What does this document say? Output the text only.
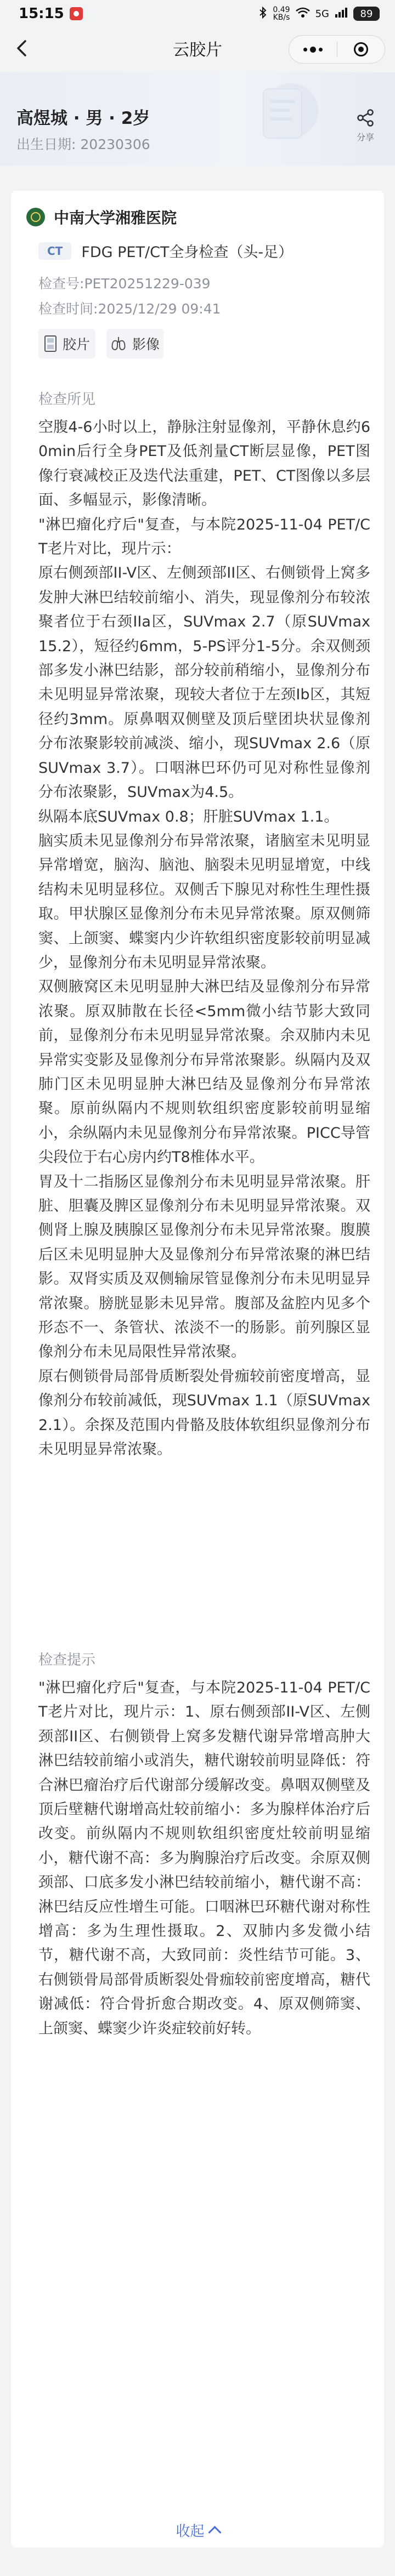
15:15	0.49
KB/s	5G	89
云胶片
高煜城 · 男 · 2岁
出生日期: 20230306	分享
中南大学湘雅医院
CT	FDG PET/CT全身检查（头-足）
检查号:PET20251229-039
检查时间:2025/12/29 09:41
胶片	影像
检查所见

空腹4-6小时以上，静脉注射显像剂，平静休息约60min后行全身PET及低剂量CT断层显像，PET图像行衰减校正及迭代法重建，PET、CT图像以多层面、多幅显示，影像清晰。

"淋巴瘤化疗后"复查，与本院2025-11-04 PET/CT老片对比，现片示：

原右侧颈部II-V区、左侧颈部II区、右侧锁骨上窝多发肿大淋巴结较前缩小、消失，现显像剂分布较浓聚者位于右颈IIa区，SUVmax 2.7（原SUVmax 15.2），短径约6mm，5-PS评分1-5分。余双侧颈部多发小淋巴结影，部分较前稍缩小，显像剂分布未见明显异常浓聚，现较大者位于左颈Ib区，其短径约3mm。原鼻咽双侧壁及顶后壁团块状显像剂分布浓聚影较前减淡、缩小，现SUVmax 2.6（原SUVmax 3.7）。口咽淋巴环仍可见对称性显像剂分布浓聚影，SUVmax为4.5。

纵隔本底SUVmax 0.8；肝脏SUVmax 1.1。

脑实质未见显像剂分布异常浓聚，诸脑室未见明显异常增宽，脑沟、脑池、脑裂未见明显增宽，中线结构未见明显移位。双侧舌下腺见对称性生理性摄取。甲状腺区显像剂分布未见异常浓聚。原双侧筛窦、上颌窦、蝶窦内少许软组织密度影较前明显减少，显像剂分布未见明显异常浓聚。

双侧腋窝区未见明显肿大淋巴结及显像剂分布异常浓聚。原双肺散在长径<5mm微小结节影大致同前，显像剂分布未见明显异常浓聚。余双肺内未见异常实变影及显像剂分布异常浓聚影。纵隔内及双肺门区未见明显肿大淋巴结及显像剂分布异常浓聚。原前纵隔内不规则软组织密度影较前明显缩小，余纵隔内未见显像剂分布异常浓聚。PICC导管尖段位于右心房内约T8椎体水平。

胃及十二指肠区显像剂分布未见明显异常浓聚。肝脏、胆囊及脾区显像剂分布未见明显异常浓聚。双侧肾上腺及胰腺区显像剂分布未见异常浓聚。腹膜后区未见明显肿大及显像剂分布异常浓聚的淋巴结影。双肾实质及双侧输尿管显像剂分布未见明显异常浓聚。膀胱显影未见异常。腹部及盆腔内见多个形态不一、条管状、浓淡不一的肠影。前列腺区显像剂分布未见局限性异常浓聚。

原右侧锁骨局部骨质断裂处骨痂较前密度增高，显像剂分布较前减低，现SUVmax 1.1（原SUVmax 2.1）。余探及范围内骨骼及肢体软组织显像剂分布未见明显异常浓聚。

检查提示

"淋巴瘤化疗后"复查，与本院2025-11-04 PET/CT老片对比，现片示：1、原右侧颈部II-V区、左侧颈部II区、右侧锁骨上窝多发糖代谢异常增高肿大淋巴结较前缩小或消失，糖代谢较前明显降低：符合淋巴瘤治疗后代谢部分缓解改变。鼻咽双侧壁及顶后壁糖代谢增高灶较前缩小：多为腺样体治疗后改变。前纵隔内不规则软组织密度灶较前明显缩小，糖代谢不高：多为胸腺治疗后改变。余原双侧颈部、口底多发小淋巴结较前缩小，糖代谢不高：淋巴结反应性增生可能。口咽淋巴环糖代谢对称性增高：多为生理性摄取。2、双肺内多发微小结节，糖代谢不高，大致同前：炎性结节可能。3、右侧锁骨局部骨质断裂处骨痂较前密度增高，糖代谢减低：符合骨折愈合期改变。4、原双侧筛窦、上颌窦、蝶窦少许炎症较前好转。

收起
